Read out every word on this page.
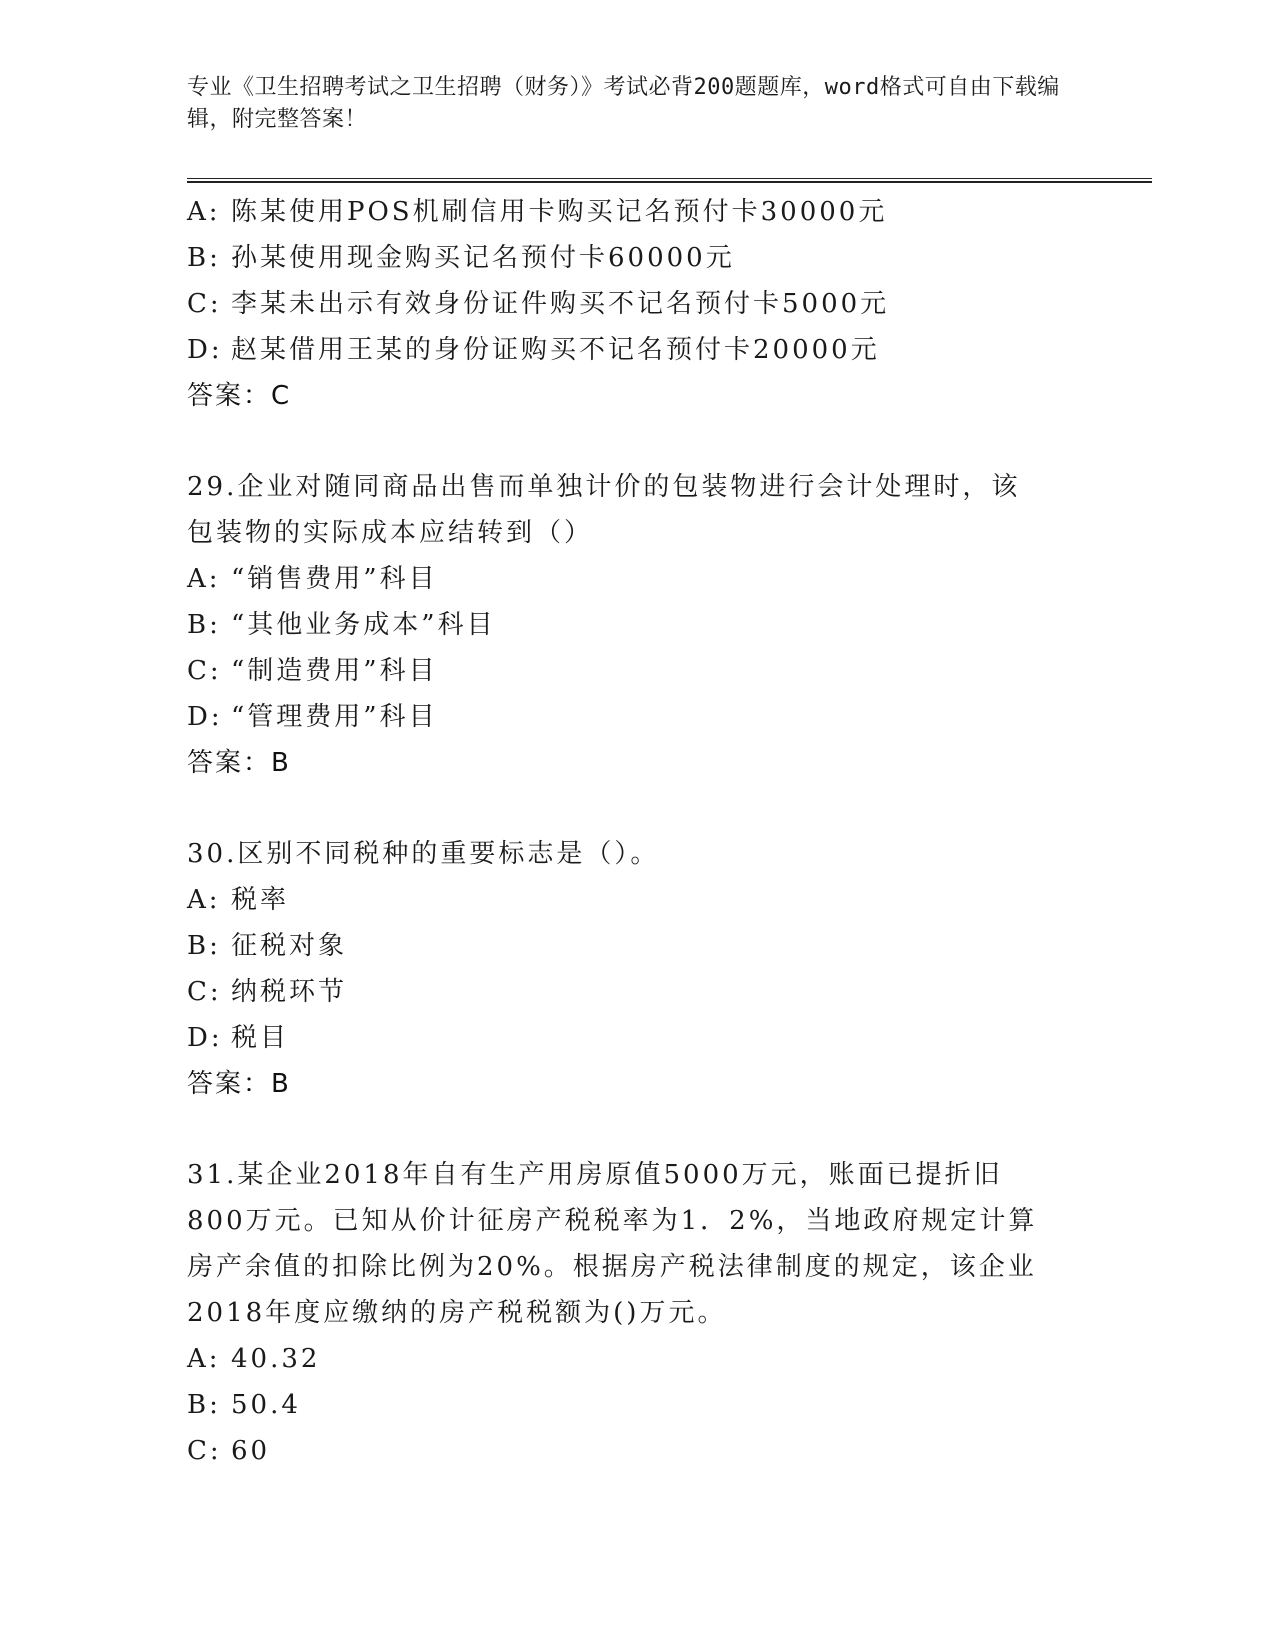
专业《卫生招聘考试之卫生招聘（财务）》考试必背200题题库，word格式可自由下载编辑，附完整答案！
A: 陈某使用POS机刷信用卡购买记名预付卡30000元
B: 孙某使用现金购买记名预付卡60000元
C: 李某未出示有效身份证件购买不记名预付卡5000元
D: 赵某借用王某的身份证购买不记名预付卡20000元
答案：C
29.企业对随同商品出售而单独计价的包装物进行会计处理时，该包装物的实际成本应结转到（）
A: “销售费用”科目
B: “其他业务成本”科目
C: “制造费用”科目
D: “管理费用”科目
答案：B
30.区别不同税种的重要标志是（）。
A: 税率
B: 征税对象
C: 纳税环节
D: 税目
答案：B
31.某企业2018年自有生产用房原值5000万元，账面已提折旧800万元。已知从价计征房产税税率为1．2%，当地政府规定计算房产余值的扣除比例为20%。根据房产税法律制度的规定，该企业2018年度应缴纳的房产税税额为()万元。
A: 40.32
B: 50.4
C: 60
